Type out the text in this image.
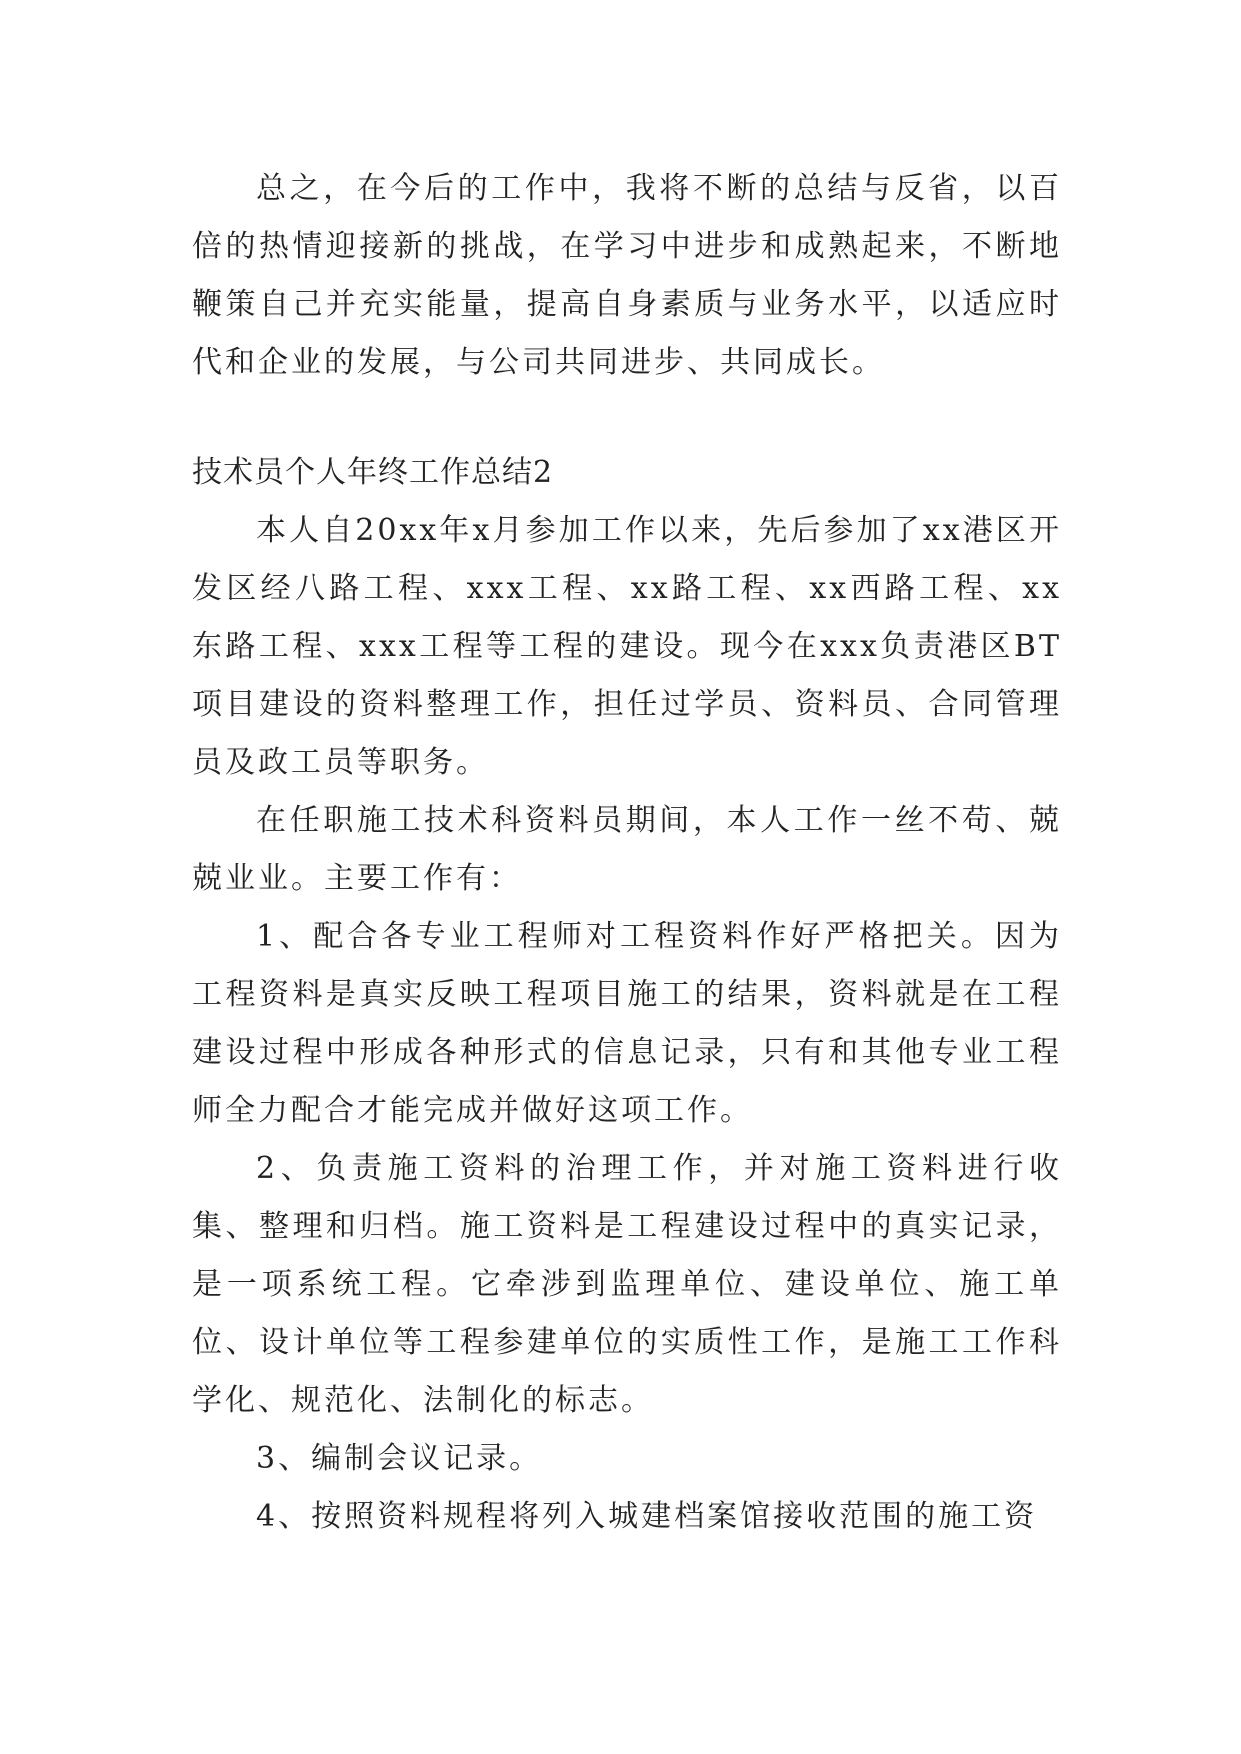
总之，在今后的工作中，我将不断的总结与反省，以百倍的热情迎接新的挑战，在学习中进步和成熟起来，不断地鞭策自己并充实能量，提高自身素质与业务水平，以适应时代和企业的发展，与公司共同进步、共同成长。

技术员个人年终工作总结2

本人自20xx年x月参加工作以来，先后参加了xx港区开发区经八路工程、xxx工程、xx路工程、xx西路工程、xx东路工程、xxx工程等工程的建设。现今在xxx负责港区BT项目建设的资料整理工作，担任过学员、资料员、合同管理员及政工员等职务。

在任职施工技术科资料员期间，本人工作一丝不苟、兢兢业业。主要工作有：

1、配合各专业工程师对工程资料作好严格把关。因为工程资料是真实反映工程项目施工的结果，资料就是在工程建设过程中形成各种形式的信息记录，只有和其他专业工程师全力配合才能完成并做好这项工作。

2、负责施工资料的治理工作，并对施工资料进行收集、整理和归档。施工资料是工程建设过程中的真实记录，是一项系统工程。它牵涉到监理单位、建设单位、施工单位、设计单位等工程参建单位的实质性工作，是施工工作科学化、规范化、法制化的标志。

3、编制会议记录。

4、按照资料规程将列入城建档案馆接收范围的施工资
